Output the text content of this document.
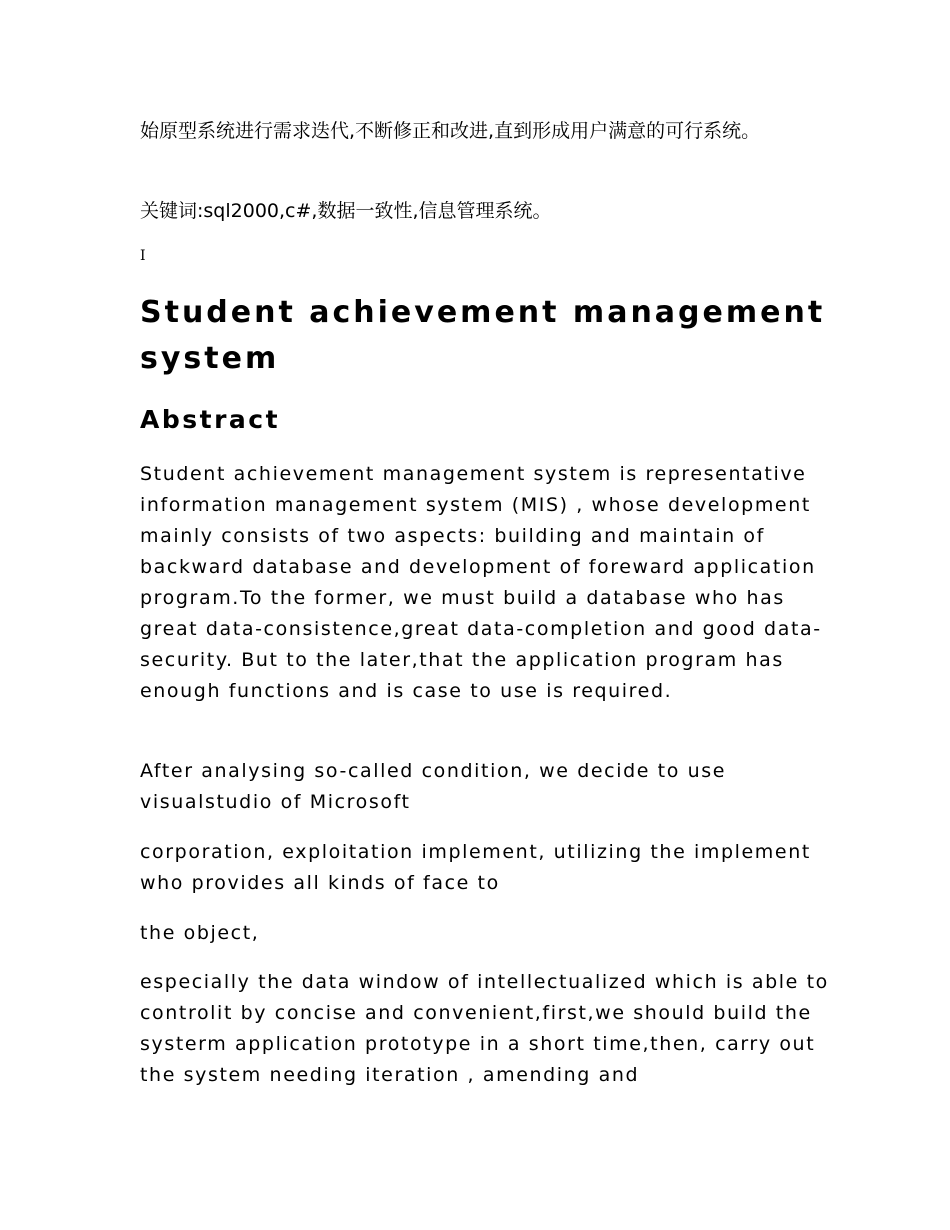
始原型系统进行需求迭代,不断修正和改进,直到形成用户满意的可行系统。
关键词:sql2000,c#,数据一致性,信息管理系统。
I
Student achievement management system
Abstract

Student achievement management system is representative information management system (MIS) , whose development mainly consists of two aspects: building and maintain of backward database and development of foreward application program.To the former, we must build a database who has great data-consistence,great data-completion and good data-security. But to the later,that the application program has enough functions and is case to use is required.

After analysing so-called condition, we decide to use visualstudio of Microsoft

corporation, exploitation implement, utilizing the implement who provides all kinds of face to

the object,

especially the data window of intellectualized which is able to controlit by concise and convenient,first,we should build the systerm application prototype in a short time,then, carry out the system needing iteration , amending and
